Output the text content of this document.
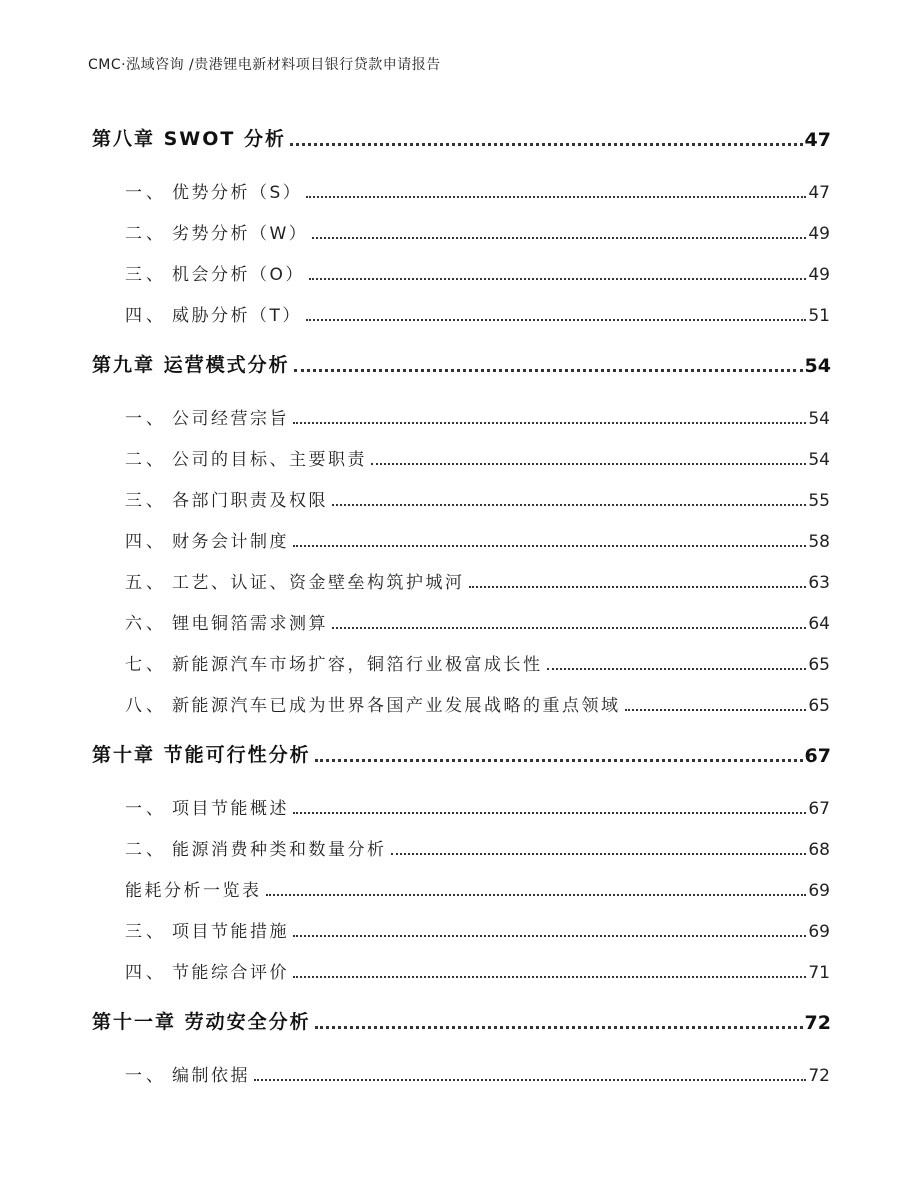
CMC·泓域咨询 /贵港锂电新材料项目银行贷款申请报告
第八章 SWOT 分析	47
一、 优势分析（S）	47
二、 劣势分析（W）	49
三、 机会分析（O）	49
四、 威胁分析（T）	51
第九章 运营模式分析	54
一、 公司经营宗旨	54
二、 公司的目标、主要职责	54
三、 各部门职责及权限	55
四、 财务会计制度	58
五、 工艺、认证、资金壁垒构筑护城河	63
六、 锂电铜箔需求测算	64
七、 新能源汽车市场扩容，铜箔行业极富成长性	65
八、 新能源汽车已成为世界各国产业发展战略的重点领域	65
第十章 节能可行性分析	67
一、 项目节能概述	67
二、 能源消费种类和数量分析	68
能耗分析一览表	69
三、 项目节能措施	69
四、 节能综合评价	71
第十一章 劳动安全分析	72
一、 编制依据	72
